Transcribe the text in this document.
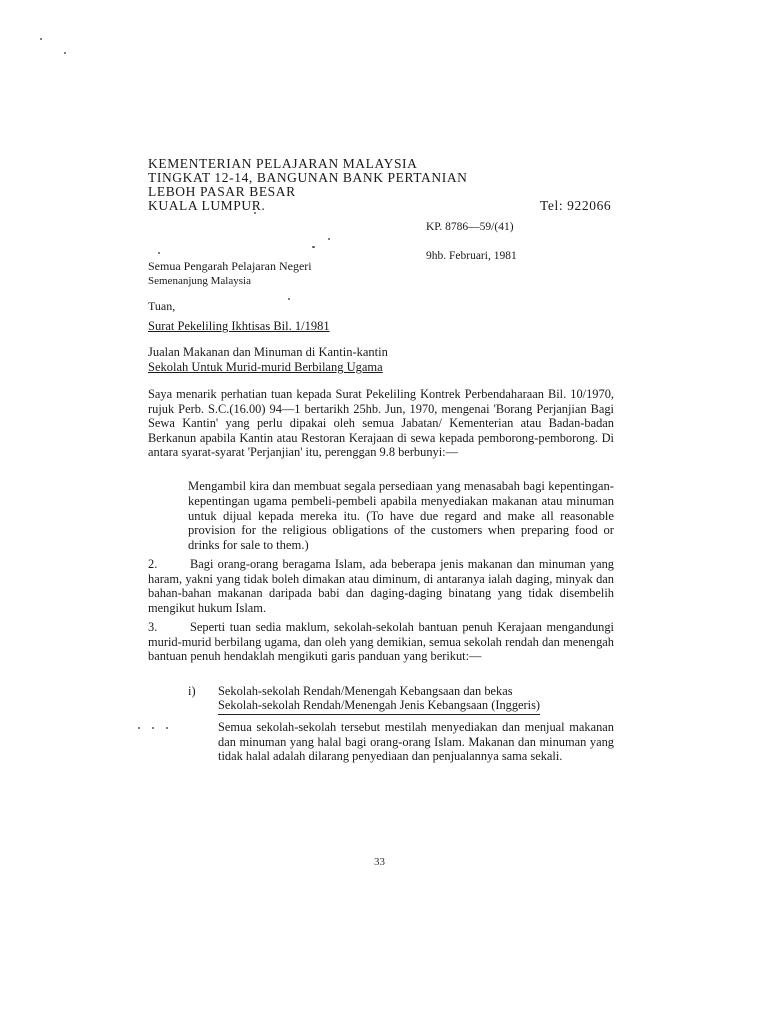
KEMENTERIAN PELAJARAN MALAYSIA
TINGKAT 12-14, BANGUNAN BANK PERTANIAN
LEBOH PASAR BESAR
KUALA LUMPUR.	Tel: 922066
KP. 8786—59/(41)
9hb. Februari, 1981
Semua Pengarah Pelajaran Negeri
Semenanjung Malaysia
Tuan,
Surat Pekeliling Ikhtisas Bil. 1/1981
Jualan Makanan dan Minuman di Kantin-kantin
Sekolah Untuk Murid-murid Berbilang Ugama
Saya menarik perhatian tuan kepada Surat Pekeliling Kontrek Perbendaharaan Bil. 10/1970, rujuk Perb. S.C.(16.00) 94—1 bertarikh 25hb. Jun, 1970, mengenai 'Borang Perjanjian Bagi Sewa Kantin' yang perlu dipakai oleh semua Jabatan/ Kementerian atau Badan-badan Berkanun apabila Kantin atau Restoran Kerajaan di sewa kepada pemborong-pemborong. Di antara syarat-syarat 'Perjanjian' itu, perenggan 9.8 berbunyi:—
Mengambil kira dan membuat segala persediaan yang menasabah bagi kepentingan-kepentingan ugama pembeli-pembeli apabila menyediakan makanan atau minuman untuk dijual kepada mereka itu. (To have due regard and make all reasonable provision for the religious obligations of the customers when preparing food or drinks for sale to them.)
2.	Bagi orang-orang beragama Islam, ada beberapa jenis makanan dan minuman yang haram, yakni yang tidak boleh dimakan atau diminum, di antaranya ialah daging, minyak dan bahan-bahan makanan daripada babi dan daging-daging binatang yang tidak disembelih mengikut hukum Islam.
3.	Seperti tuan sedia maklum, sekolah-sekolah bantuan penuh Kerajaan mengandungi murid-murid berbilang ugama, dan oleh yang demikian, semua sekolah rendah dan menengah bantuan penuh hendaklah mengikuti garis panduan yang berikut:—
i) Sekolah-sekolah Rendah/Menengah Kebangsaan dan bekas
Sekolah-sekolah Rendah/Menengah Jenis Kebangsaan (Inggeris)
Semua sekolah-sekolah tersebut mestilah menyediakan dan menjual makanan dan minuman yang halal bagi orang-orang Islam. Makanan dan minuman yang tidak halal adalah dilarang penyediaan dan penjualannya sama sekali.
33
